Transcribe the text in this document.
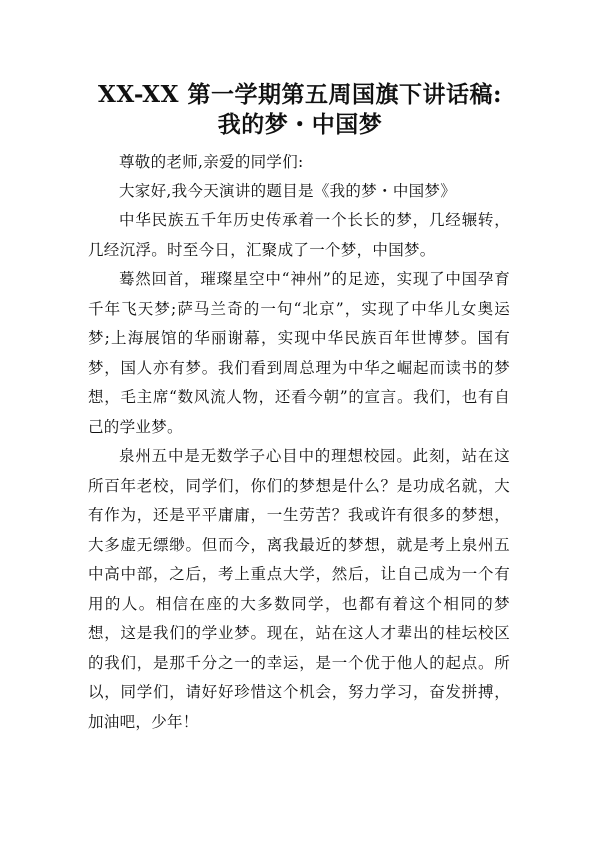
XX-XX 第一学期第五周国旗下讲话稿:
我的梦・中国梦

尊敬的老师,亲爱的同学们:

大家好,我今天演讲的题目是《我的梦・中国梦》

中华民族五千年历史传承着一个长长的梦，几经辗转，几经沉浮。时至今日，汇聚成了一个梦，中国梦。

蓦然回首，璀璨星空中“神州”的足迹，实现了中国孕育千年飞天梦;萨马兰奇的一句“北京”，实现了中华儿女奥运梦;上海展馆的华丽谢幕，实现中华民族百年世博梦。国有梦，国人亦有梦。我们看到周总理为中华之崛起而读书的梦想，毛主席“数风流人物，还看今朝”的宣言。我们，也有自己的学业梦。

泉州五中是无数学子心目中的理想校园。此刻，站在这所百年老校，同学们，你们的梦想是什么？是功成名就，大有作为，还是平平庸庸，一生劳苦？我或许有很多的梦想，大多虚无缥缈。但而今，离我最近的梦想，就是考上泉州五中高中部，之后，考上重点大学，然后，让自己成为一个有用的人。相信在座的大多数同学，也都有着这个相同的梦想，这是我们的学业梦。现在，站在这人才辈出的桂坛校区的我们，是那千分之一的幸运，是一个优于他人的起点。所以，同学们，请好好珍惜这个机会，努力学习，奋发拼搏，加油吧，少年！
